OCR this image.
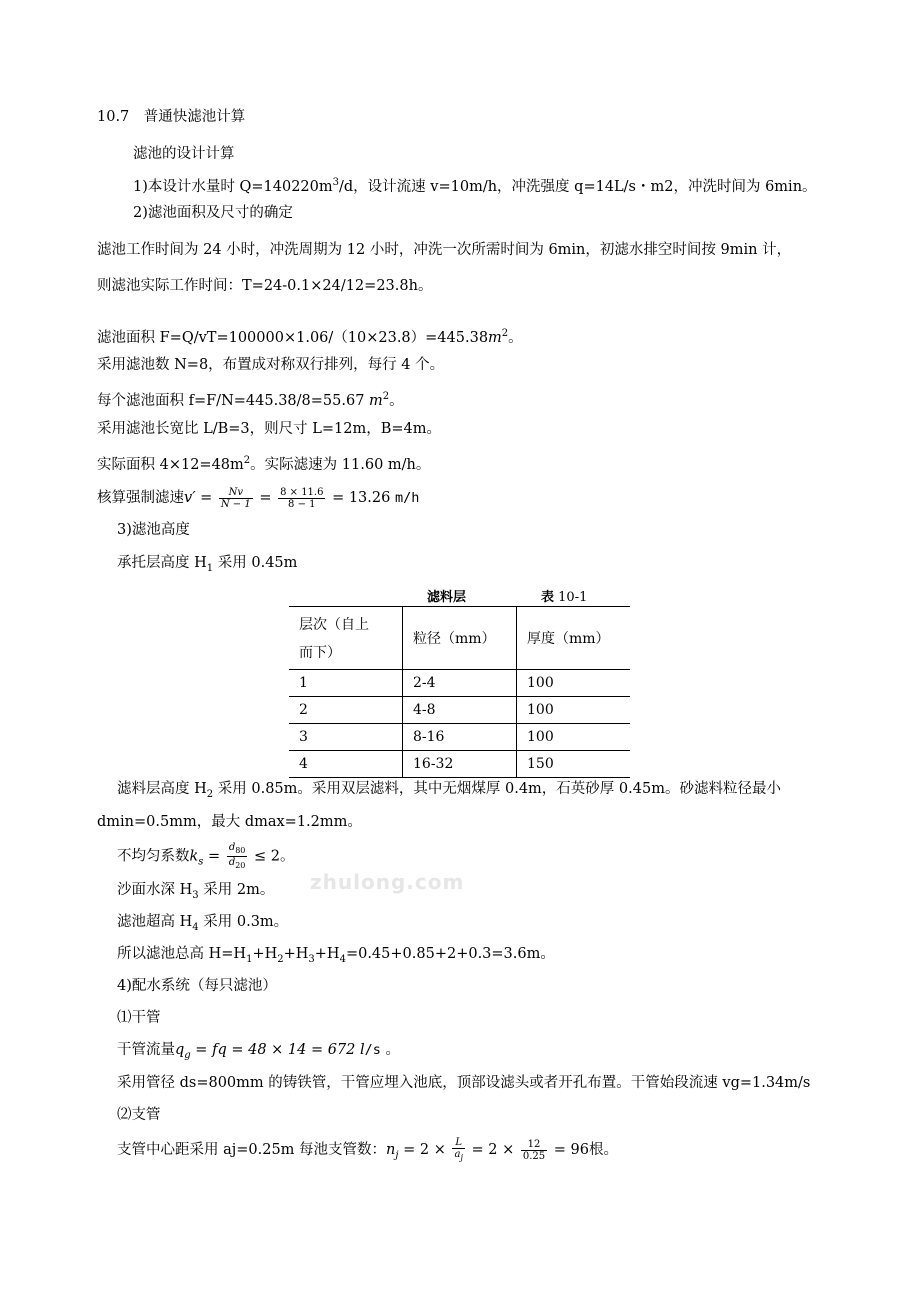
10.7　普通快滤池计算
滤池的设计计算
1)本设计水量时 $Q=140220m^3/d$，设计流速 v=10m/h，冲洗强度 q=14L/s・m2，冲洗时间为 6min。
2)滤池面积及尺寸的确定
滤池工作时间为 24 小时，冲洗周期为 12 小时，冲洗一次所需时间为 6min，初滤水排空时间按 9min 计，
则滤池实际工作时间：T=24-0.1×24/12=23.8h。
滤池面积 $F=Q/vT=100000\times 1.06/(10\times 23.8)=445.38m^2$。
采用滤池数 N=8，布置成对称双行排列，每行 4 个。
每个滤池面积 f=F/N=445.38/8=55.67 $m^2$。
采用滤池长宽比 L/B=3，则尺寸 L=12m，B=4m。
实际面积 $4\times 12=48m^2$。实际滤速为 11.60 m/h。
核算强制滤速$v' = \frac{Nv}{N - 1} = \frac{8 \times 11.6}{8 - 1} = 13.26$ m/h
3)滤池高度
承托层高度 $H_1$ 采用 0.45m
滤料层	表 10-1
层次（自上
而下）	粒径（mm）	厚度（mm）
1	2-4	100
2	4-8	100
3	8-16	100
4	16-32	150
滤料层高度 $H_2$ 采用 0.85m。采用双层滤料，其中无烟煤厚 0.4m，石英砂厚 0.45m。砂滤料粒径最小
dmin=0.5mm，最大 dmax=1.2mm。
不均匀系数$k_s = \frac{d_{80}}{d_{20}} \le 2$。
zhulong.com
沙面水深 $H_3$ 采用 2m。
滤池超高 $H_4$ 采用 0.3m。
所以滤池总高 $H=H_1+H_2+H_3+H_4=0.45+0.85+2+0.3=3.6m$。
4)配水系统（每只滤池）
⑴干管
干管流量$q_g$ = fq = 48 × 14 = 672 l/s 。
采用管径 ds=800mm 的铸铁管，干管应埋入池底，顶部设滤头或者开孔布置。干管始段流速 vg=1.34m/s
⑵支管
支管中心距采用 aj=0.25m 每池支管数：$n_j = 2 \times \frac{L}{a_j} = 2 \times \frac{12}{0.25} = 96$根。
